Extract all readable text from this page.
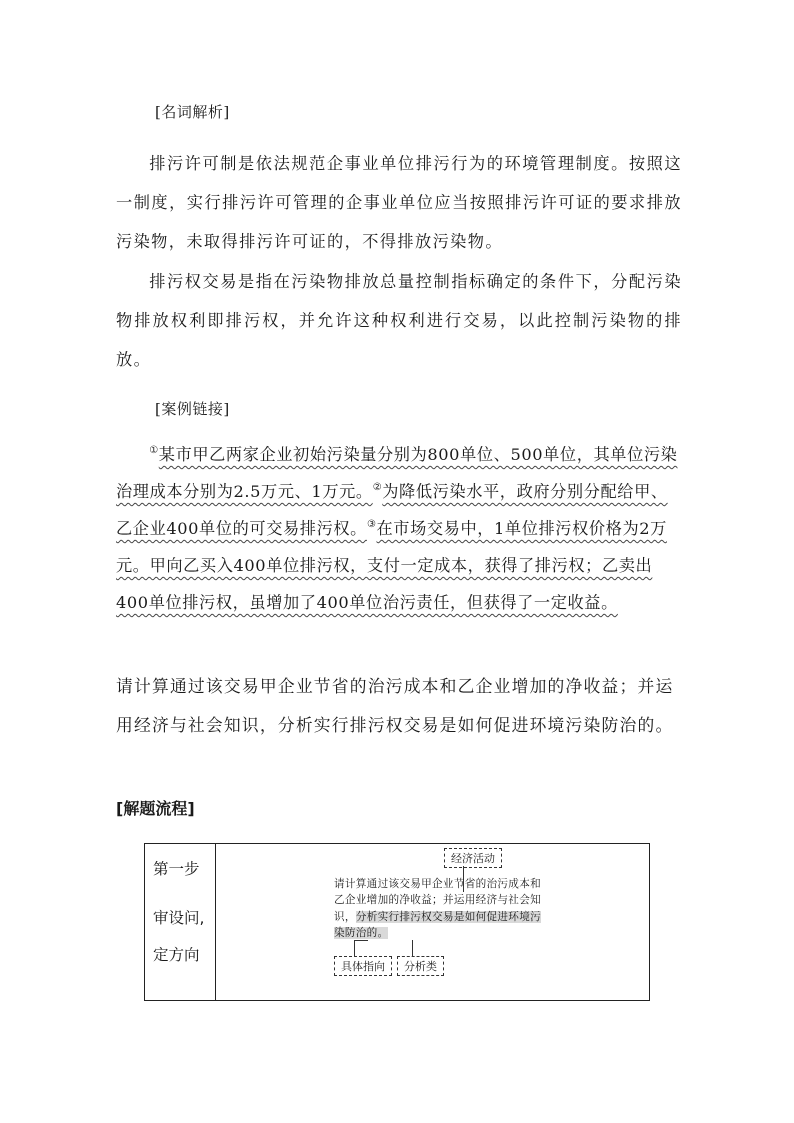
[名词解析]

排污许可制是依法规范企事业单位排污行为的环境管理制度。按照这一制度，实行排污许可管理的企事业单位应当按照排污许可证的要求排放污染物，未取得排污许可证的，不得排放污染物。

排污权交易是指在污染物排放总量控制指标确定的条件下，分配污染物排放权利即排污权，并允许这种权利进行交易，以此控制污染物的排放。

[案例链接]

①某市甲乙两家企业初始污染量分别为800单位、500单位，其单位污染治理成本分别为2.5万元、1万元。②为降低污染水平，政府分别分配给甲、乙企业400单位的可交易排污权。③在市场交易中，1单位排污权价格为2万元。甲向乙买入400单位排污权，支付一定成本，获得了排污权；乙卖出400单位排污权，虽增加了400单位治污责任，但获得了一定收益。

请计算通过该交易甲企业节省的治污成本和乙企业增加的净收益；并运用经济与社会知识，分析实行排污权交易是如何促进环境污染防治的。

[解题流程]
第一步
审设问,
定方向

经济活动
请计算通过该交易甲企业节省的治污成本和乙企业增加的净收益；并运用经济与社会知识，分析实行排污权交易是如何促进环境污染防治的。
具体指向	分析类
